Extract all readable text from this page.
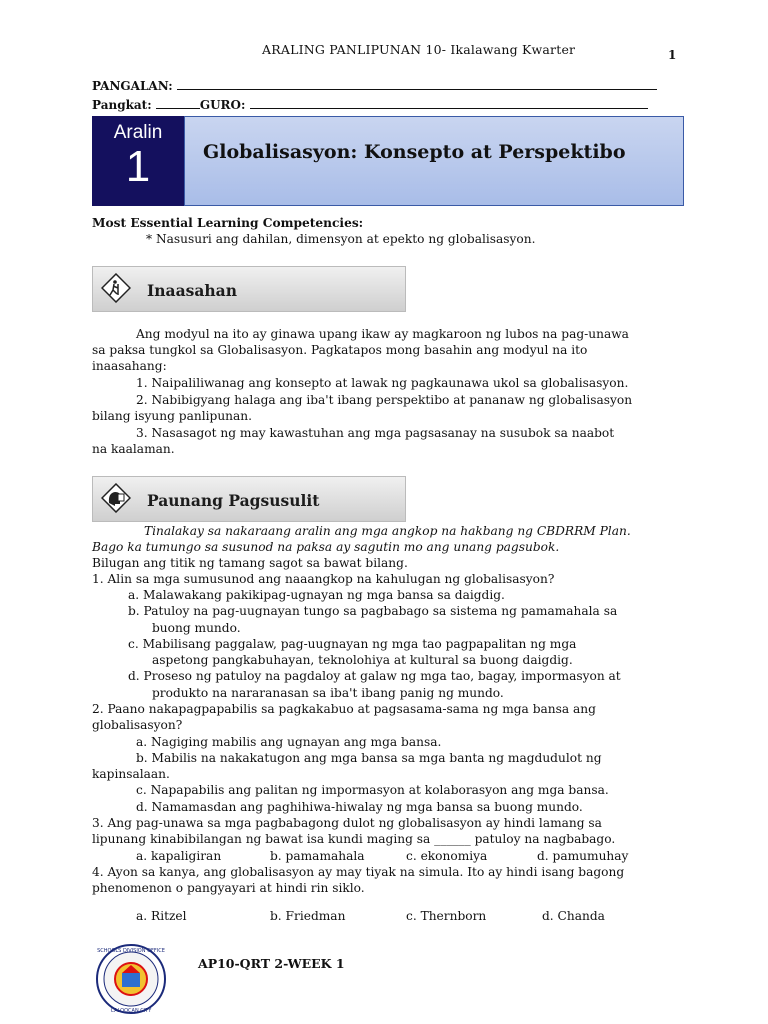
ARALING PANLIPUNAN 10- Ikalawang Kwarter	1
PANGALAN:
Pangkat:	GURO:
Aralin
1	Globalisasyon: Konsepto at Perspektibo
Most Essential Learning Competencies:
* Nasusuri ang dahilan, dimensyon at epekto ng globalisasyon.
Inaasahan
Ang modyul na ito ay ginawa upang ikaw ay magkaroon ng lubos na pag-unawa
sa paksa tungkol sa Globalisasyon. Pagkatapos mong basahin ang modyul na ito
inaasahang:
1. Naipaliliwanag ang konsepto at lawak ng pagkaunawa ukol sa globalisasyon.
2. Nabibigyang halaga ang iba't ibang perspektibo at pananaw ng globalisasyon
bilang isyung panlipunan.
3. Nasasagot ng may kawastuhan ang mga pagsasanay na susubok sa naabot
na kaalaman.
Paunang Pagsusulit
Tinalakay sa nakaraang aralin ang mga angkop na hakbang ng CBDRRM Plan.
Bago ka tumungo sa susunod na paksa ay sagutin mo ang unang pagsubok.
Bilugan ang titik ng tamang sagot sa bawat bilang.
1. Alin sa mga sumusunod ang naaangkop na kahulugan ng globalisasyon?
a. Malawakang pakikipag-ugnayan ng mga bansa sa daigdig.
b. Patuloy na pag-uugnayan tungo sa pagbabago sa sistema ng pamamahala sa
buong mundo.
c. Mabilisang paggalaw, pag-uugnayan ng mga tao pagpapalitan ng mga
aspetong pangkabuhayan, teknolohiya at kultural sa buong daigdig.
d. Proseso ng patuloy na pagdaloy at galaw ng mga tao, bagay, impormasyon at
produkto na nararanasan sa iba't ibang panig ng mundo.
2. Paano nakapagpapabilis sa pagkakabuo at pagsasama-sama ng mga bansa ang
globalisasyon?
a. Nagiging mabilis ang ugnayan ang mga bansa.
b. Mabilis na nakakatugon ang mga bansa sa mga banta ng magdudulot ng
kapinsalaan.
c. Napapabilis ang palitan ng impormasyon at kolaborasyon ang mga bansa.
d. Namamasdan ang paghihiwa-hiwalay ng mga bansa sa buong mundo.
3. Ang pag-unawa sa mga pagbabagong dulot ng globalisasyon ay hindi lamang sa
lipunang kinabibilangan ng bawat isa kundi maging sa ______ patuloy na nagbabago.
a. kapaligiran	b. pamamahala	c. ekonomiya	d. pamumuhay
4. Ayon sa kanya, ang globalisasyon ay may tiyak na simula. Ito ay hindi isang bagong
phenomenon o pangyayari at hindi rin siklo.
a. Ritzel	b. Friedman	c. Thernborn	d. Chanda
SCHOOLS DIVISION OFFICE
CALOOCAN CITY
AP10-QRT 2-WEEK 1
